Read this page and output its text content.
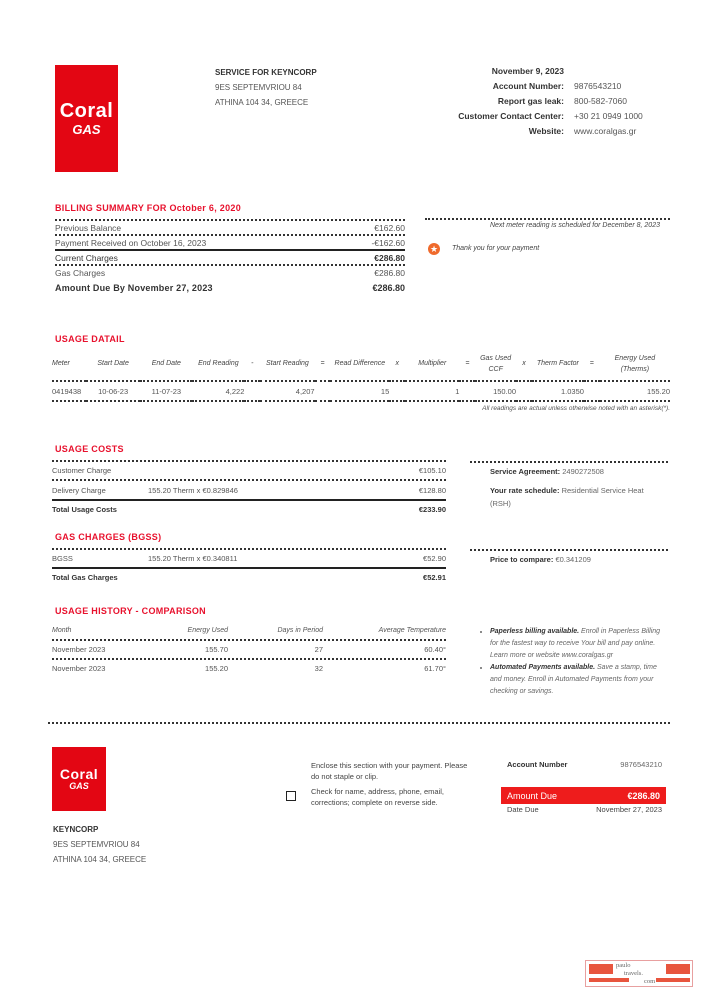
Coral
GAS
SERVICE FOR KEYNCORP
9ES SEPTEMVRIOU 84
ATHINA 104 34, GREECE
November 9, 2023
Account Number:	9876543210
Report gas leak:	800-582-7060
Customer Contact Center:	+30 21 0949 1000
Website:	www.coralgas.gr
BILLING SUMMARY FOR October 6, 2020
Previous Balance	€162.60
Payment Received on October 16, 2023	-€162.60
Current Charges	€286.80
Gas Charges	€286.80
Amount Due By November 27, 2023	€286.80
Next meter reading is scheduled for December 8, 2023
★ Thank you for your payment
USAGE DATAIL
Meter	Start Date	End Date	End Reading	-	Start Reading	=	Read Difference	x	Multiplier	=	Gas Used CCF	x	Therm Factor	=	Energy Used (Therms)
0419438	10-06-23	11-07-23	4,222		4,207		15		1		150.00		1.0350		155.20
All readings are actual unless otherwise noted with an asterisk(*).
USAGE COSTS
Customer Charge	€105.10
Delivery Charge	155.20 Therm x €0.829846	€128.80
Total Usage Costs	€233.90
GAS CHARGES (BGSS)
BGSS	155.20 Therm x €0.340811	€52.90
Total Gas Charges	€52.91
Service Agreement: 2490272508
Your rate schedule: Residential Service Heat (RSH)
Price to compare: €0.341209
USAGE HISTORY - COMPARISON
Month	Energy Used	Days in Period	Average Temperature
November 2023	155.70	27	60.40°
November 2023	155.20	32	61.70°
• Paperless billing available. Enroll in Paperless Billing for the fastest way to receive Your bill and pay online. Learn more or website www.coralgas.gr
• Automated Payments available. Save a stamp, time and money. Enroll in Automated Payments from your checking or savings.
Coral
GAS
KEYNCORP
9ES SEPTEMVRIOU 84
ATHINA 104 34, GREECE
Enclose this section with your payment. Please do not staple or clip.
Check for name, address, phone, email, corrections; complete on reverse side.
Account Number	9876543210
Amount Due	€286.80
Date Due	November 27, 2023
paulo
travels.
com
